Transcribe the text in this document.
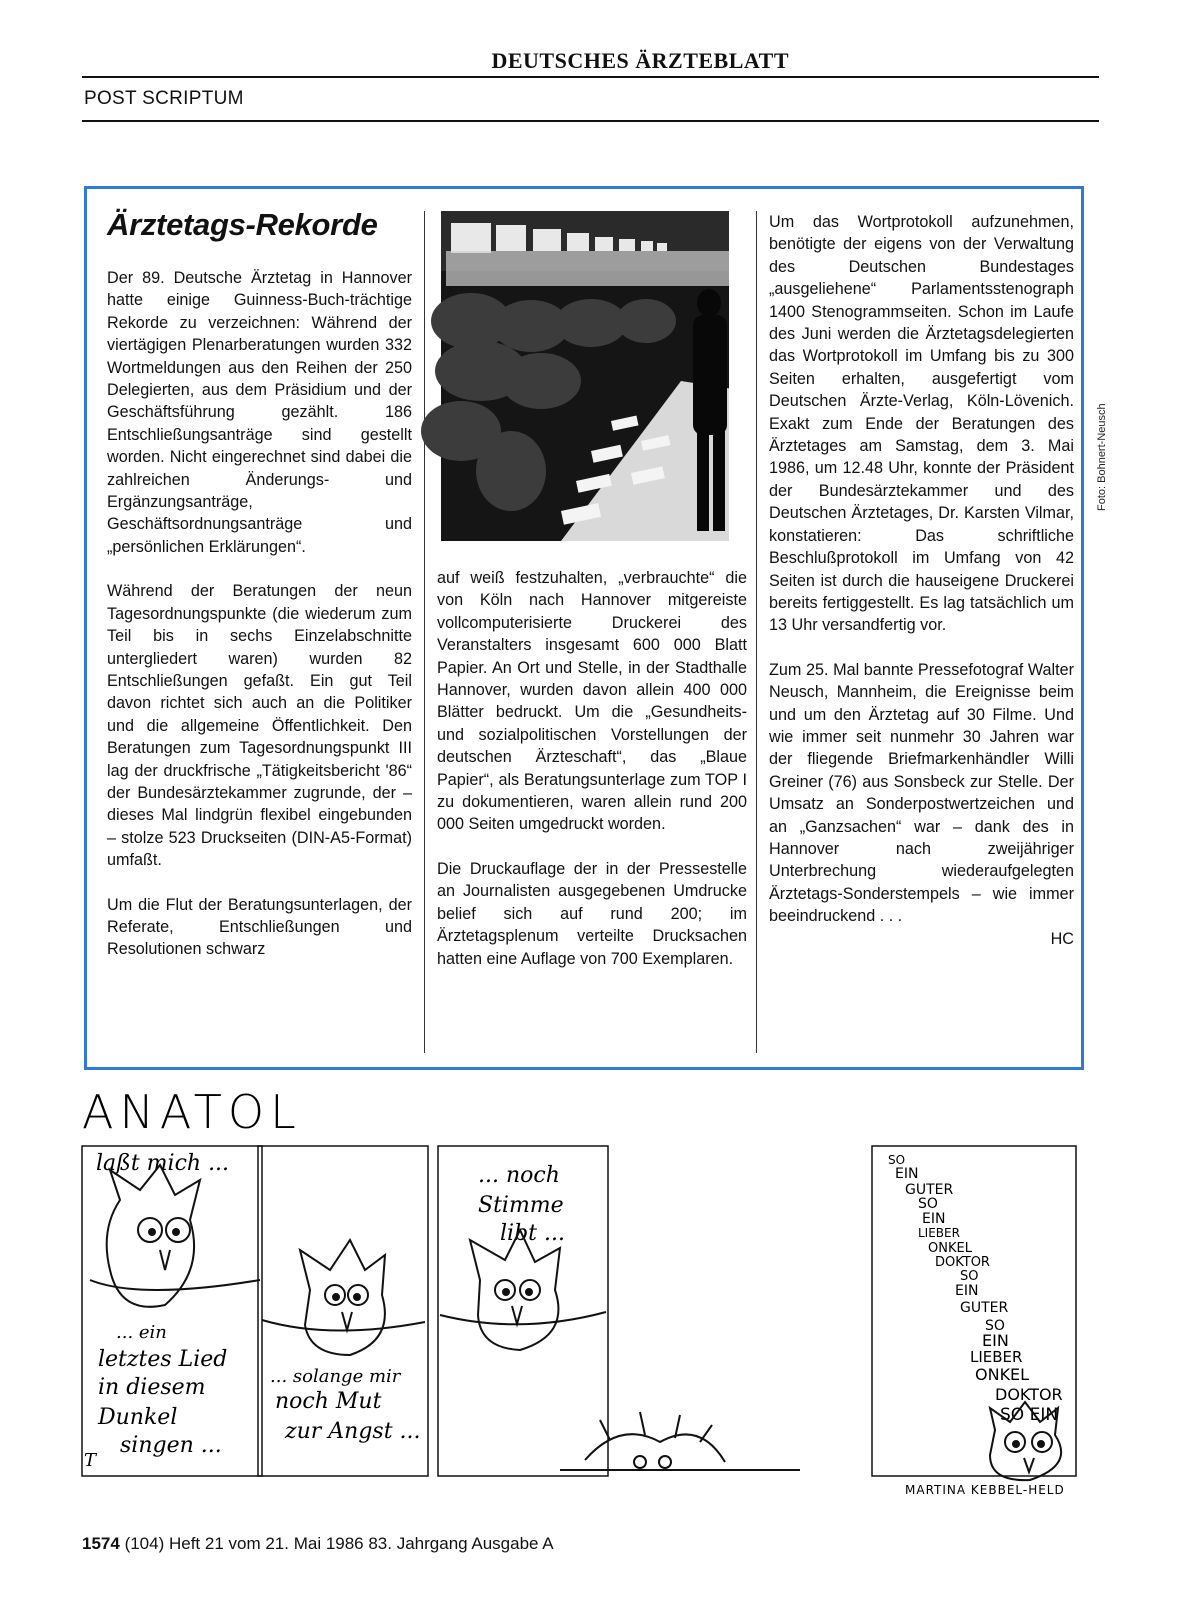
DEUTSCHES ÄRZTEBLATT
POST SCRIPTUM
Ärztetags-Rekorde

Der 89. Deutsche Ärztetag in Hannover hatte einige Guinness-Buch-trächtige Rekorde zu verzeichnen: Während der viertägigen Plenarberatungen wurden 332 Wortmeldungen aus den Reihen der 250 Delegierten, aus dem Präsidium und der Geschäftsführung gezählt. 186 Entschließungsanträge sind gestellt worden. Nicht eingerechnet sind dabei die zahlreichen Änderungs- und Ergänzungsanträge, Geschäftsordnungsanträge und „persönlichen Erklärungen“.

Während der Beratungen der neun Tagesordnungspunkte (die wiederum zum Teil bis in sechs Einzelabschnitte untergliedert waren) wurden 82 Entschließungen gefaßt. Ein gut Teil davon richtet sich auch an die Politiker und die allgemeine Öffentlichkeit. Den Beratungen zum Tagesordnungspunkt III lag der druckfrische „Tätigkeitsbericht '86“ der Bundesärztekammer zugrunde, der – dieses Mal lindgrün flexibel eingebunden – stolze 523 Druckseiten (DIN-A5-Format) umfaßt.

Um die Flut der Beratungsunterlagen, der Referate, Entschließungen und Resolutionen schwarz

Foto: Bohnert-Neusch

auf weiß festzuhalten, „verbrauchte“ die von Köln nach Hannover mitgereiste vollcomputerisierte Druckerei des Veranstalters insgesamt 600 000 Blatt Papier. An Ort und Stelle, in der Stadthalle Hannover, wurden davon allein 400 000 Blätter bedruckt. Um die „Gesundheits- und sozialpolitischen Vorstellungen der deutschen Ärzteschaft“, das „Blaue Papier“, als Beratungsunterlage zum TOP I zu dokumentieren, waren allein rund 200 000 Seiten umgedruckt worden.

Die Druckauflage der in der Pressestelle an Journalisten ausgegebenen Umdrucke belief sich auf rund 200; im Ärztetagsplenum verteilte Drucksachen hatten eine Auflage von 700 Exemplaren.

Um das Wortprotokoll aufzunehmen, benötigte der eigens von der Verwaltung des Deutschen Bundestages „ausgeliehene“ Parlamentsstenograph 1400 Stenogrammseiten. Schon im Laufe des Juni werden die Ärztetagsdelegierten das Wortprotokoll im Umfang bis zu 300 Seiten erhalten, ausgefertigt vom Deutschen Ärzte-Verlag, Köln-Lövenich. Exakt zum Ende der Beratungen des Ärztetages am Samstag, dem 3. Mai 1986, um 12.48 Uhr, konnte der Präsident der Bundesärztekammer und des Deutschen Ärztetages, Dr. Karsten Vilmar, konstatieren: Das schriftliche Beschlußprotokoll im Umfang von 42 Seiten ist durch die hauseigene Druckerei bereits fertiggestellt. Es lag tatsächlich um 13 Uhr versandfertig vor.

Zum 25. Mal bannte Pressefotograf Walter Neusch, Mannheim, die Ereignisse beim und um den Ärztetag auf 30 Filme. Und wie immer seit nunmehr 30 Jahren war der fliegende Briefmarkenhändler Willi Greiner (76) aus Sonsbeck zur Stelle. Der Umsatz an Sonderpostwertzeichen und an „Ganzsachen“ war – dank des in Hannover nach zweijähriger Unterbrechung wiederaufgelegten Ärztetags-Sonderstempels – wie immer beeindruckend . . .

HC
ANATOL
laßt mich ...
... ein
letztes Lied
in diesem
Dunkel
singen ...
... solange mir
noch Mut
zur Angst ...
... noch
Stimme
libt ...
T
SO
EIN
GUTER
SO
EIN
LIEBER
ONKEL
DOKTOR
SO
EIN
GUTER
SO
EIN
LIEBER
ONKEL
DOKTOR
SO EIN
MARTINA KEBBEL-HELD
1574 (104) Heft 21 vom 21. Mai 1986 83. Jahrgang Ausgabe A
